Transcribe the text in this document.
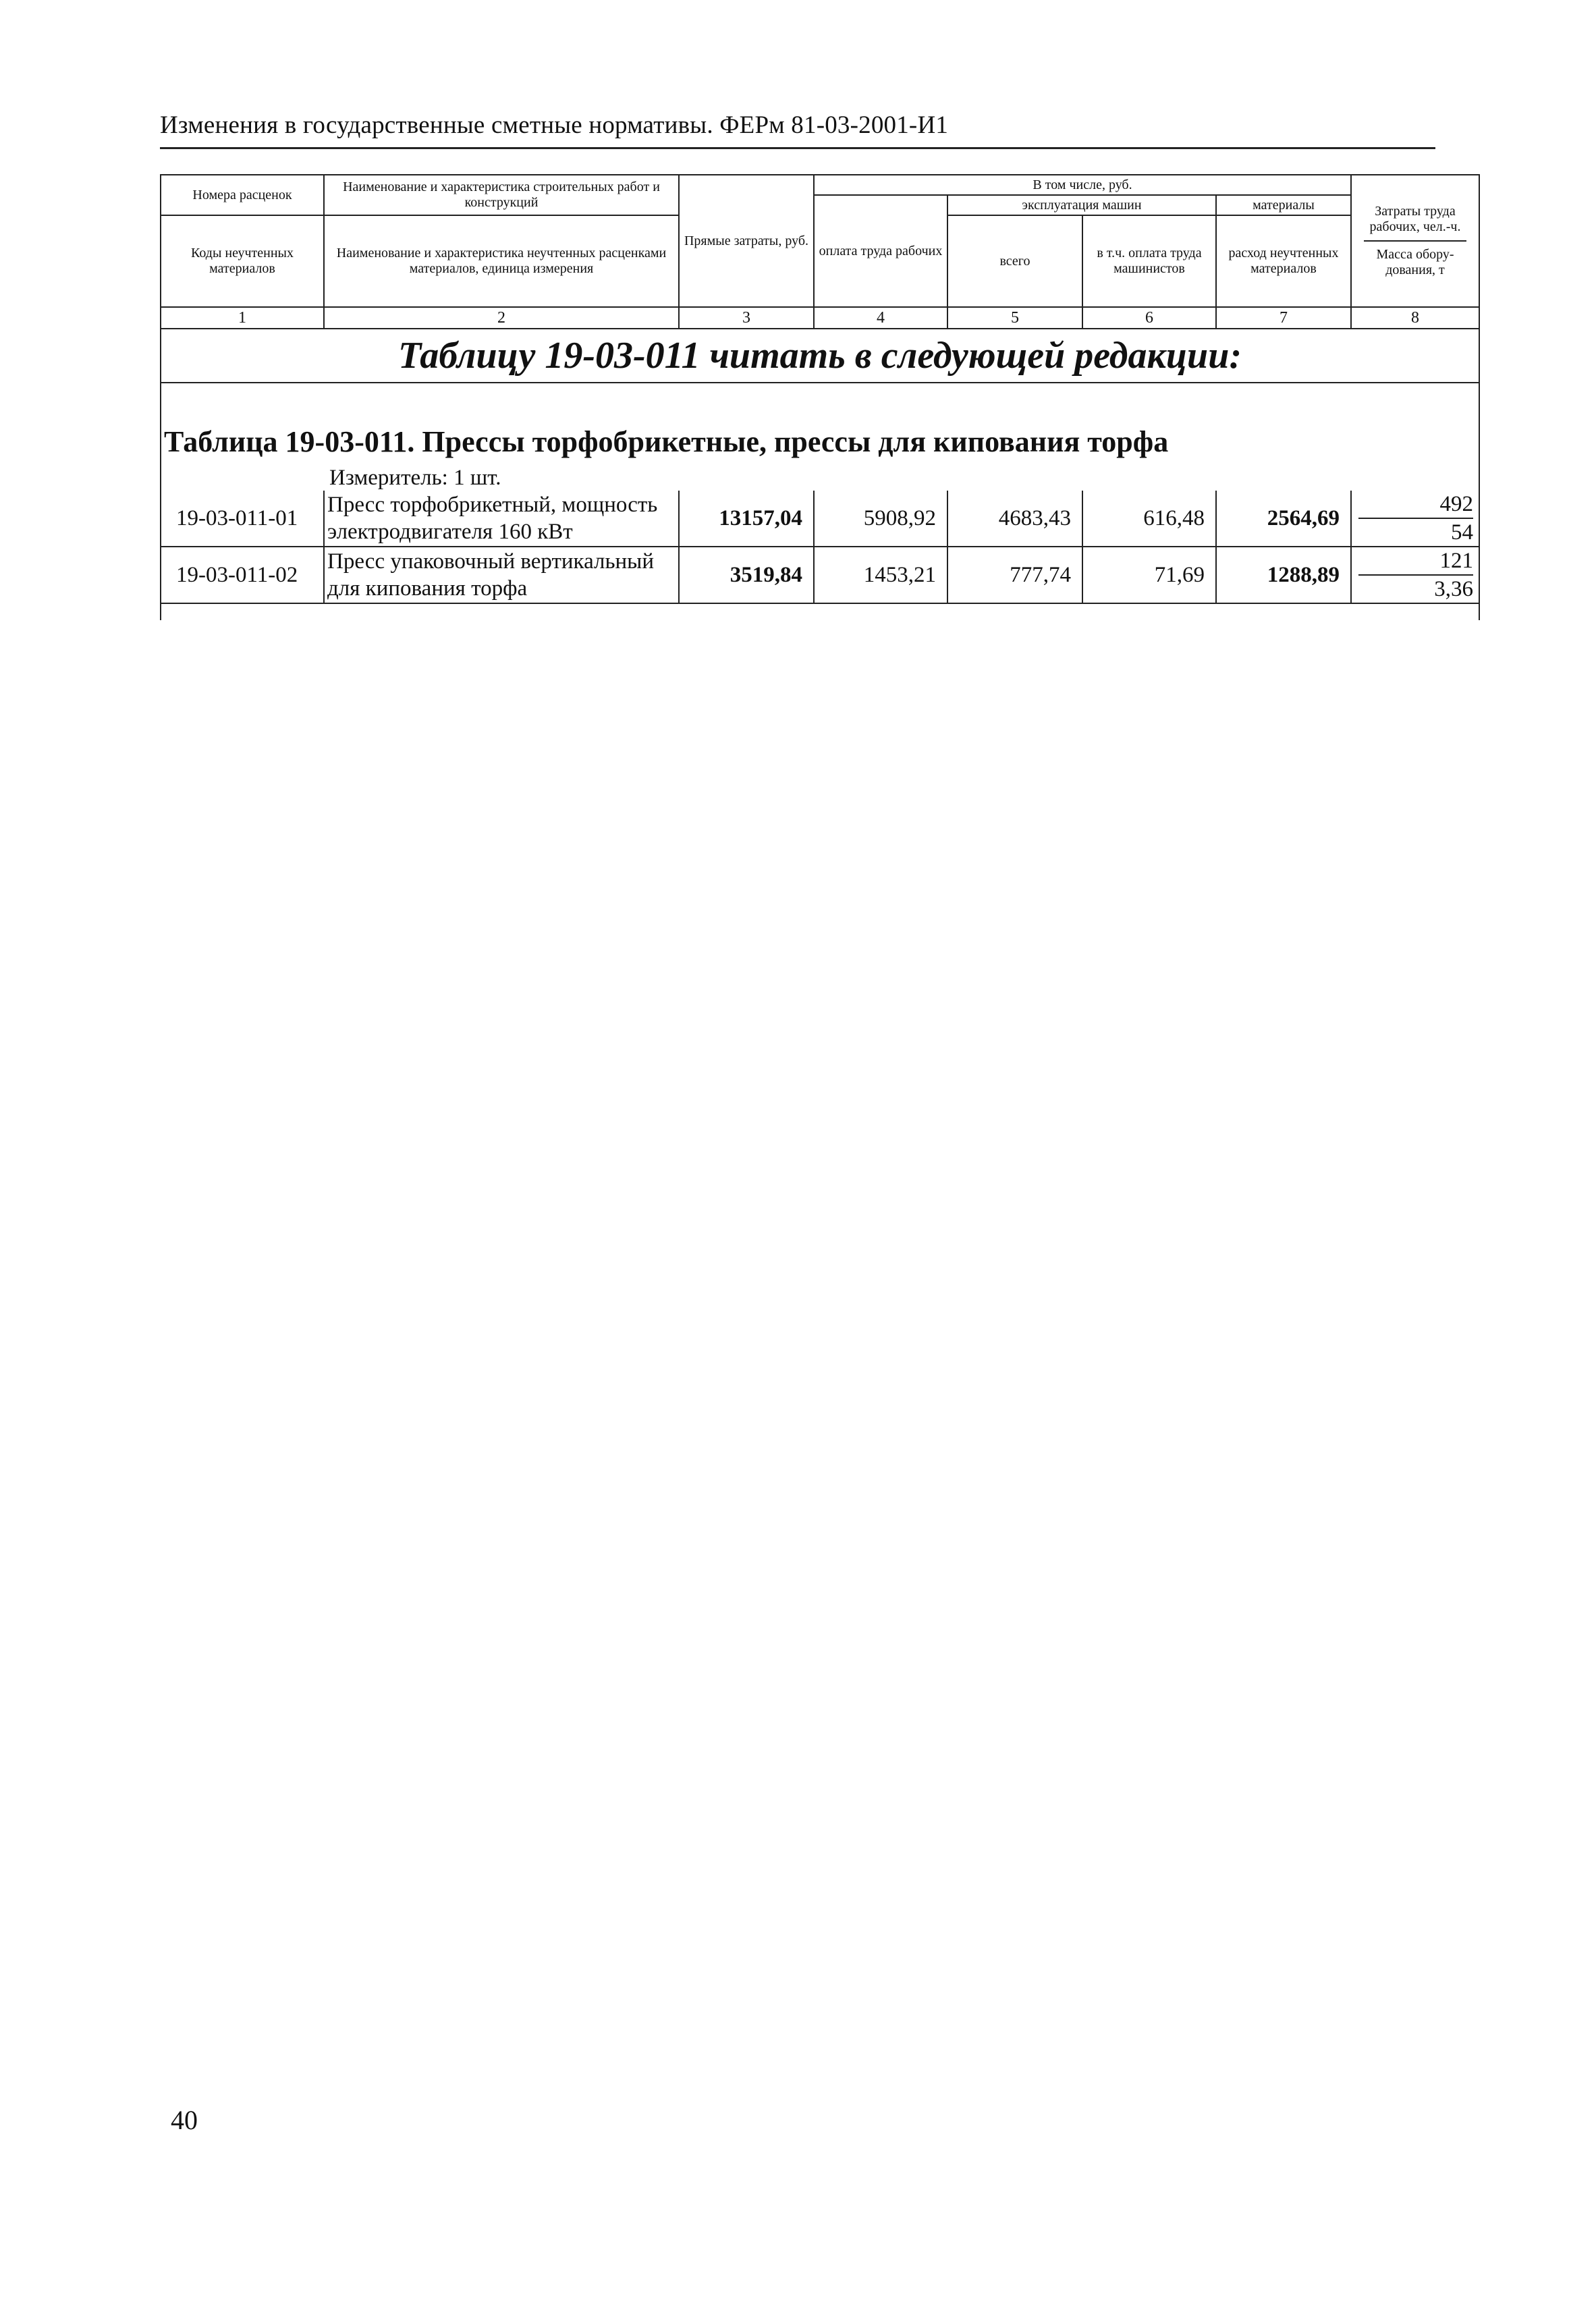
Изменения в государственные сметные нормативы. ФЕРм 81-03-2001-И1
Номера расценок	Наименование и характеристика строительных работ и конструкций	Прямые затраты, руб.	В том числе, руб.				Затраты труда рабочих, чел.-ч.
Масса обору-дования, т

			оплата труда рабочих	эксплуатация машин		материалы	
Коды неучтенных материалов	Наименование и характеристика неучтенных расценками материалов, единица измерения			всего	в т.ч. оплата труда машинистов	расход неучтенных материалов	

1	2	3	4	5	6	7	8
Таблицу 19-03-011 читать в следующей редакции:							
Таблица 19-03-011. Прессы торфобрикетные, прессы для кипования торфа							
	Измеритель: 1 шт.						
19-03-011-01	Пресс торфобрикетный, мощность электродвигателя 160 кВт	13157,04	5908,92	4683,43	616,48	2564,69	492
54

19-03-011-02	Пресс упаковочный вертикальный для кипования торфа	3519,84	1453,21	777,74	71,69	1288,89	121
3,36

40
